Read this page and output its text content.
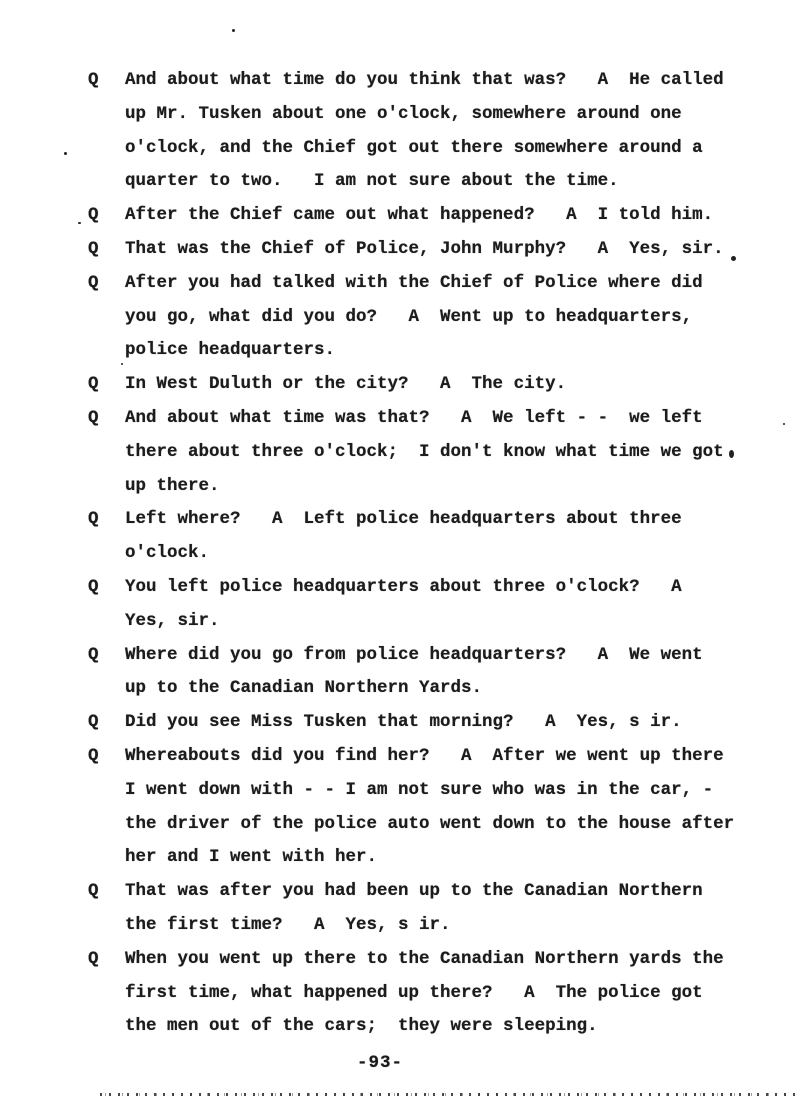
Q	And about what time do you think that was?   A  He called
up Mr. Tusken about one o'clock, somewhere around one
o'clock, and the Chief got out there somewhere around a
quarter to two.   I am not sure about the time.
Q	After the Chief came out what happened?   A  I told him.
Q	That was the Chief of Police, John Murphy?   A  Yes, sir.
Q	After you had talked with the Chief of Police where did
you go, what did you do?   A  Went up to headquarters,
police headquarters.
Q	In West Duluth or the city?   A  The city.
Q	And about what time was that?   A  We left - -  we left
there about three o'clock;  I don't know what time we got
up there.
Q	Left where?   A  Left police headquarters about three
o'clock.
Q	You left police headquarters about three o'clock?   A
Yes, sir.
Q	Where did you go from police headquarters?   A  We went
up to the Canadian Northern Yards.
Q	Did you see Miss Tusken that morning?   A  Yes, s ir.
Q	Whereabouts did you find her?   A  After we went up there
I went down with - - I am not sure who was in the car, -
the driver of the police auto went down to the house after
her and I went with her.
Q	That was after you had been up to the Canadian Northern
the first time?   A  Yes, s ir.
Q	When you went up there to the Canadian Northern yards the
first time, what happened up there?   A  The police got
the men out of the cars;  they were sleeping.
-93-
